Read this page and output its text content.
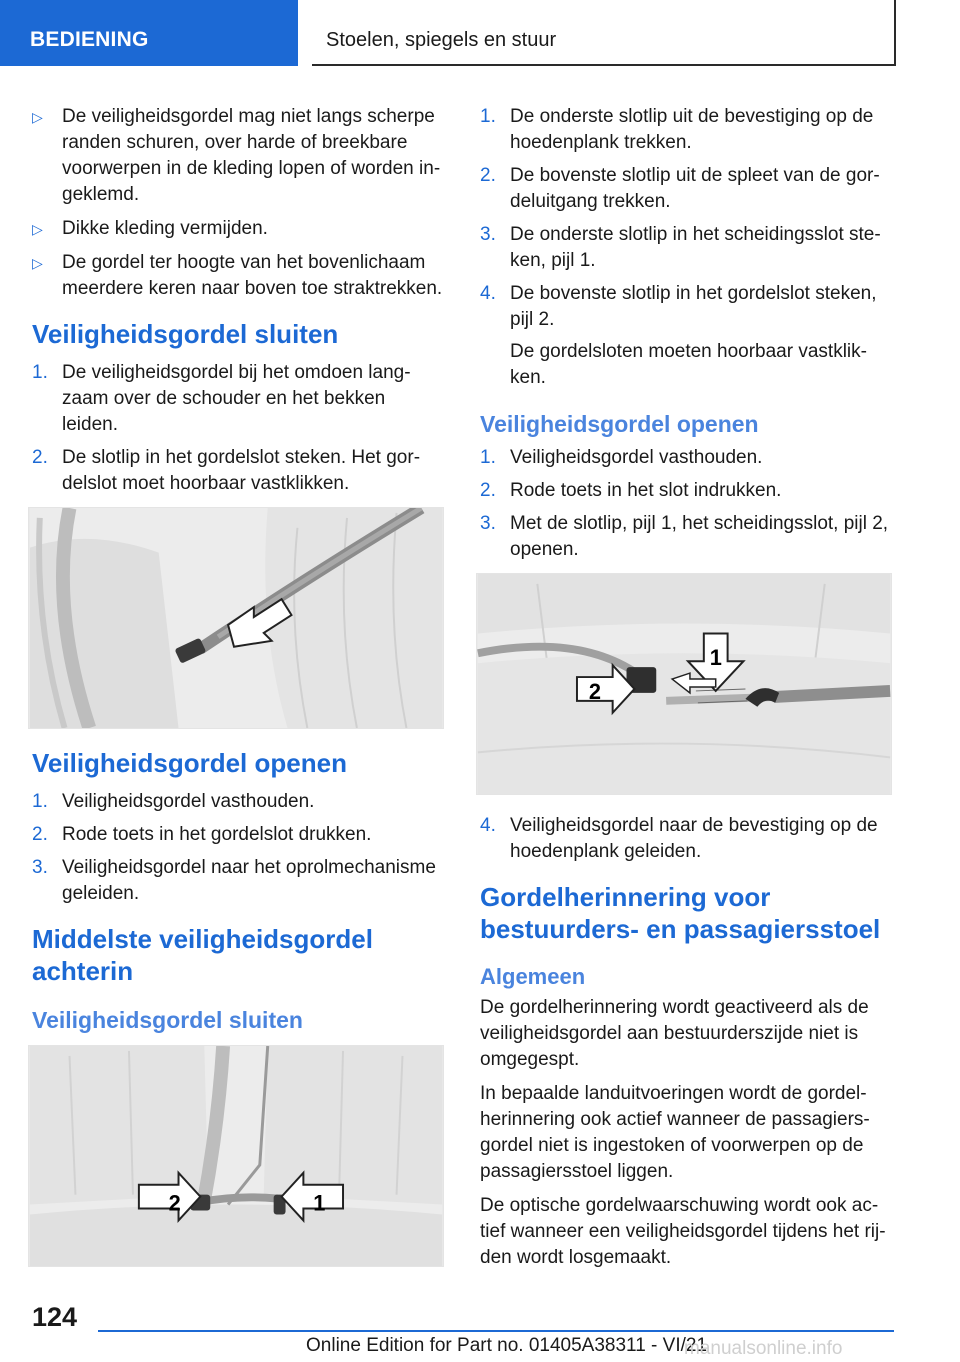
BEDIENING	Stoelen, spiegels en stuur
▷ De veiligheidsgordel mag niet langs scherpe randen schuren, over harde of breekbare voorwerpen in de kleding lopen of worden ingeklemd.
▷ Dikke kleding vermijden.
▷ De gordel ter hoogte van het bovenlichaam meerdere keren naar boven toe straktrekken.
Veiligheidsgordel sluiten
1. De veiligheidsgordel bij het omdoen langzaam over de schouder en het bekken leiden.
2. De slotlip in het gordelslot steken. Het gordelslot moet hoorbaar vastklikken.
Veiligheidsgordel openen
1. Veiligheidsgordel vasthouden.
2. Rode toets in het gordelslot drukken.
3. Veiligheidsgordel naar het oprolmechanisme geleiden.
Middelste veiligheidsgordel achterin
Veiligheidsgordel sluiten
2	1
1. De onderste slotlip uit de bevestiging op de hoedenplank trekken.
2. De bovenste slotlip uit de spleet van de gordeluitgang trekken.
3. De onderste slotlip in het scheidingsslot steken, pijl 1.
4. De bovenste slotlip in het gordelslot steken, pijl 2.
De gordelsloten moeten hoorbaar vastklikken.
Veiligheidsgordel openen
1. Veiligheidsgordel vasthouden.
2. Rode toets in het slot indrukken.
3. Met de slotlip, pijl 1, het scheidingsslot, pijl 2, openen.
2
1
4. Veiligheidsgordel naar de bevestiging op de hoedenplank geleiden.
Gordelherinnering voor bestuurders- en passagiersstoel
Algemeen

De gordelherinnering wordt geactiveerd als de veiligheidsgordel aan bestuurderszijde niet is omgegespt.

In bepaalde landuitvoeringen wordt de gordelherinnering ook actief wanneer de passagiersgordel niet is ingestoken of voorwerpen op de passagiersstoel liggen.

De optische gordelwaarschuwing wordt ook actief wanneer een veiligheidsgordel tijdens het rijden wordt losgemaakt.

124
Online Edition for Part no. 01405A38311 - VI/21
manualsonline.info
